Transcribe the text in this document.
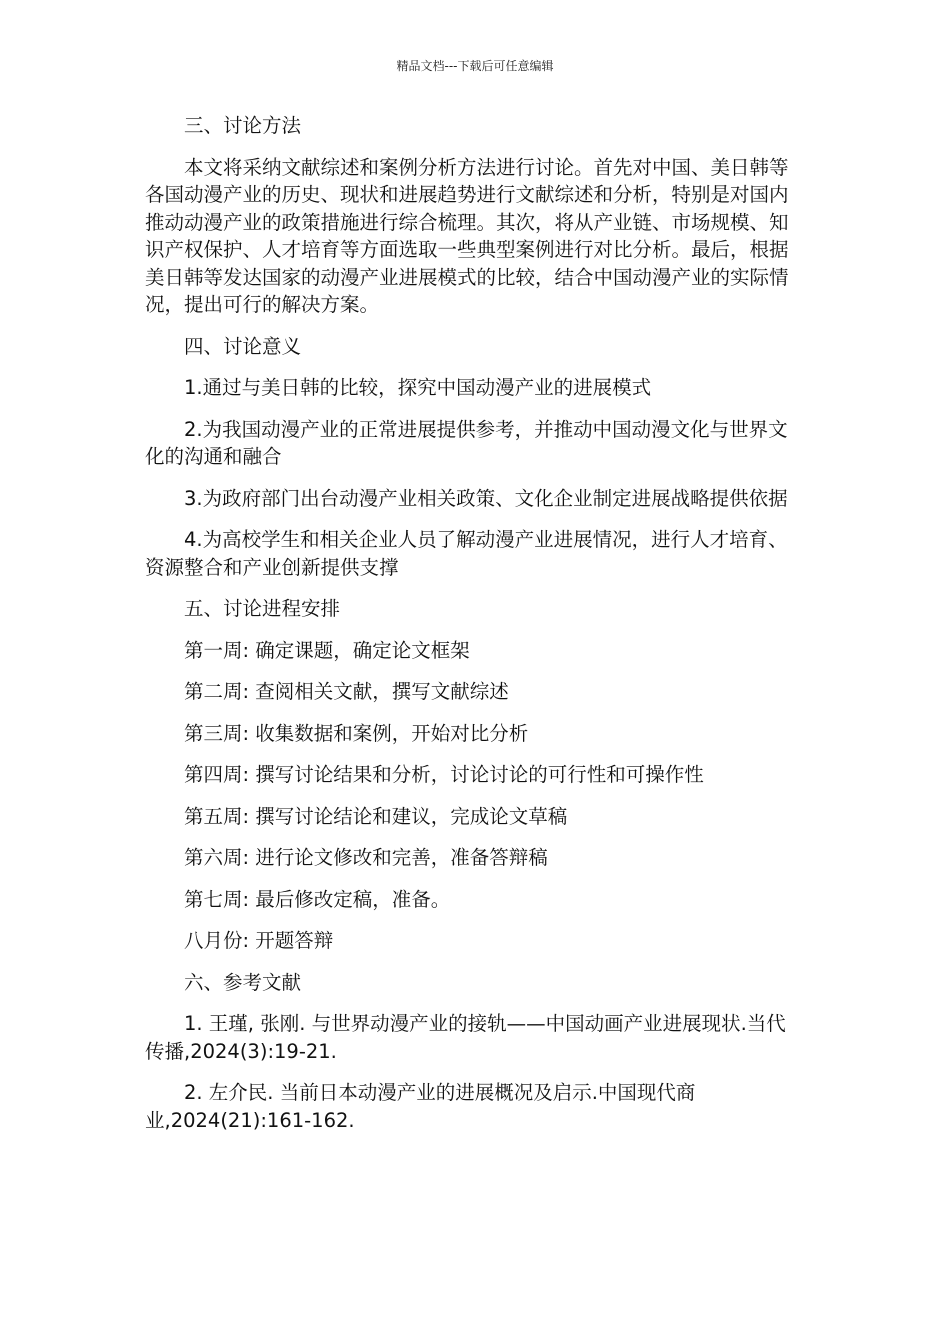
精品文档---下载后可任意编辑

三、讨论方法

本文将采纳文献综述和案例分析方法进行讨论。首先对中国、美日韩等各国动漫产业的历史、现状和进展趋势进行文献综述和分析，特别是对国内推动动漫产业的政策措施进行综合梳理。其次，将从产业链、市场规模、知识产权保护、人才培育等方面选取一些典型案例进行对比分析。最后，根据美日韩等发达国家的动漫产业进展模式的比较，结合中国动漫产业的实际情况，提出可行的解决方案。

四、讨论意义

1.通过与美日韩的比较，探究中国动漫产业的进展模式

2.为我国动漫产业的正常进展提供参考，并推动中国动漫文化与世界文化的沟通和融合

3.为政府部门出台动漫产业相关政策、文化企业制定进展战略提供依据

4.为高校学生和相关企业人员了解动漫产业进展情况，进行人才培育、资源整合和产业创新提供支撑

五、讨论进程安排

第一周: 确定课题，确定论文框架

第二周: 查阅相关文献，撰写文献综述

第三周: 收集数据和案例，开始对比分析

第四周: 撰写讨论结果和分析，讨论讨论的可行性和可操作性

第五周: 撰写讨论结论和建议，完成论文草稿

第六周: 进行论文修改和完善，准备答辩稿

第七周: 最后修改定稿，准备。

八月份: 开题答辩

六、参考文献

1. 王瑾, 张刚. 与世界动漫产业的接轨——中国动画产业进展现状.当代传播,2024(3):19-21.

2. 左介民. 当前日本动漫产业的进展概况及启示.中国现代商业,2024(21):161-162.
